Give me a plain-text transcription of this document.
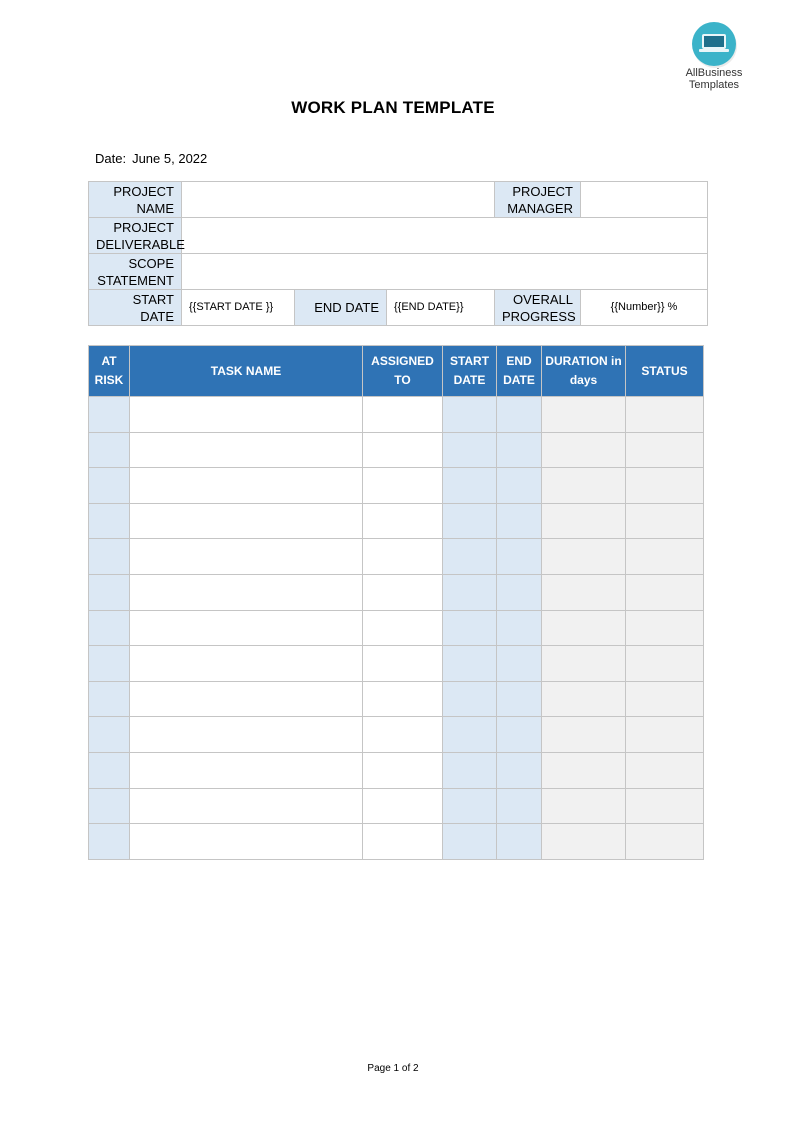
AllBusiness
Templates
WORK PLAN TEMPLATE
Date: June 5, 2022
PROJECT NAME				PROJECT MANAGER	
PROJECT DELIVERABLE					
SCOPE STATEMENT					
START DATE	{{START DATE }}	END DATE	{{END DATE}}	OVERALL PROGRESS	{{Number}} %
AT RISK	TASK NAME	ASSIGNED TO	START DATE	END DATE	DURATION in days	STATUS

Page 1 of 2
